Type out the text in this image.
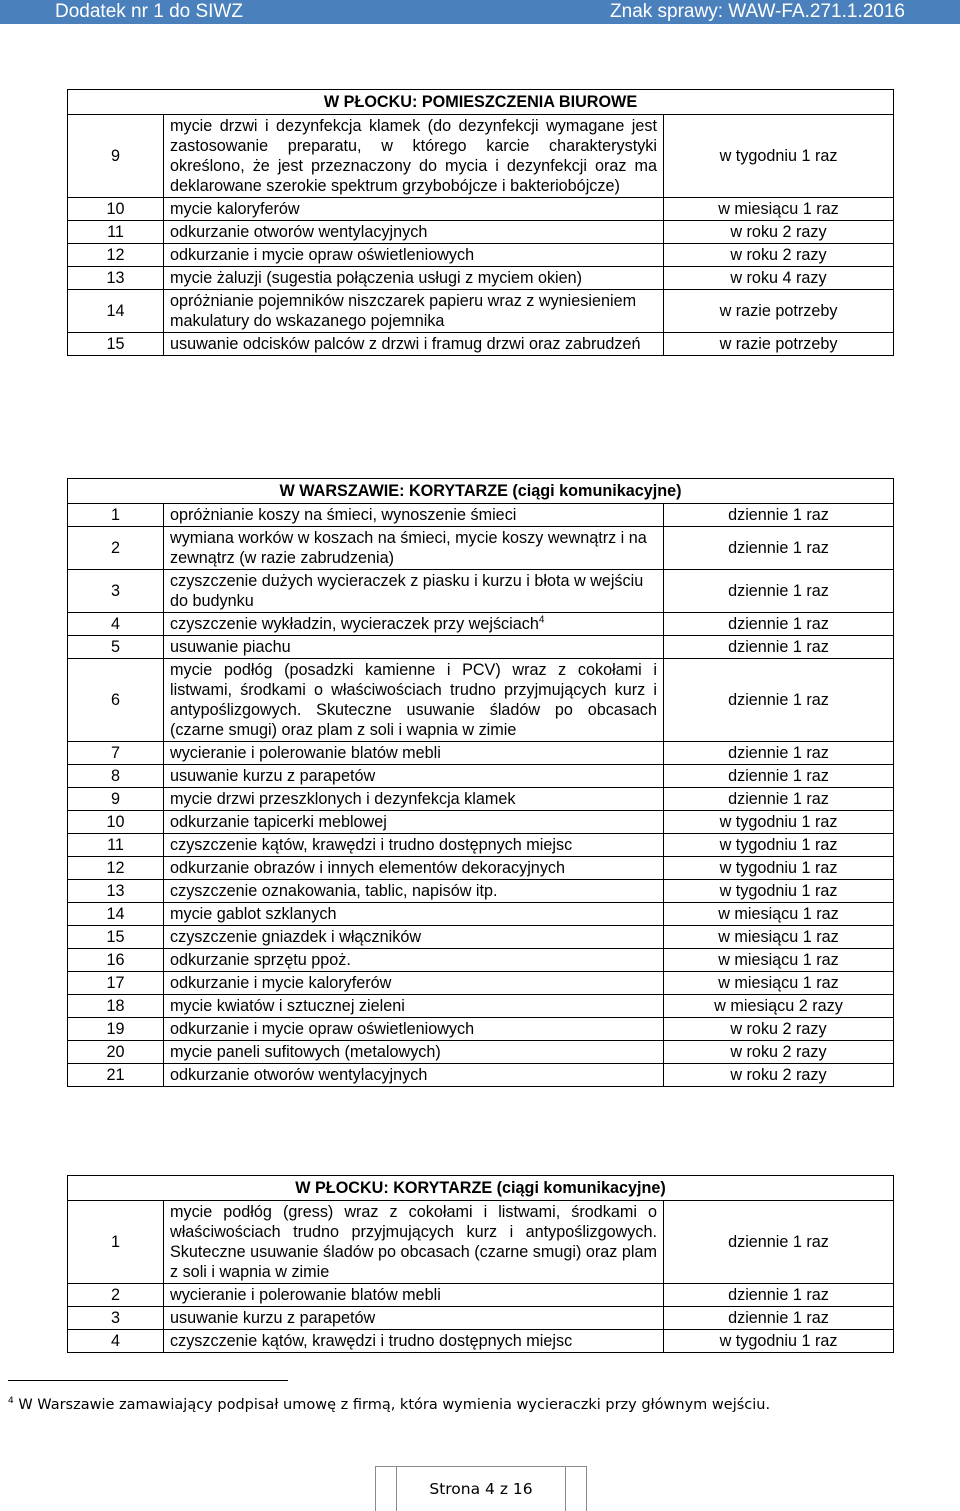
Dodatek nr 1 do SIWZ	Znak sprawy: WAW-FA.271.1.2016
W PŁOCKU: POMIESZCZENIA BIUROWE		
9	mycie drzwi i dezynfekcja klamek (do dezynfekcji wymagane jest zastosowanie preparatu, w którego karcie charakterystyki określono, że jest przeznaczony do mycia i dezynfekcji oraz ma deklarowane szerokie spektrum grzybobójcze i bakteriobójcze)	w tygodniu 1 raz
10	mycie kaloryferów	w miesiącu 1 raz
11	odkurzanie otworów wentylacyjnych	w roku 2 razy
12	odkurzanie i mycie opraw oświetleniowych	w roku 2 razy
13	mycie żaluzji (sugestia połączenia usługi z myciem okien)	w roku 4 razy
14	opróżnianie pojemników niszczarek papieru wraz z wyniesieniem makulatury do wskazanego pojemnika	w razie potrzeby
15	usuwanie odcisków palców z drzwi i framug drzwi oraz zabrudzeń	w razie potrzeby
W WARSZAWIE: KORYTARZE (ciągi komunikacyjne)		
1	opróżnianie koszy na śmieci, wynoszenie śmieci	dziennie 1 raz
2	wymiana worków w koszach na śmieci, mycie koszy wewnątrz i na zewnątrz (w razie zabrudzenia)	dziennie 1 raz
3	czyszczenie dużych wycieraczek z piasku i kurzu i błota w wejściu do budynku	dziennie 1 raz
4	czyszczenie wykładzin, wycieraczek przy wejściach$^4$	dziennie 1 raz
5	usuwanie piachu	dziennie 1 raz
6	mycie podłóg (posadzki kamienne i PCV) wraz z cokołami i listwami, środkami o właściwościach trudno przyjmujących kurz i antypoślizgowych. Skuteczne usuwanie śladów po obcasach (czarne smugi) oraz plam z soli i wapnia w zimie	dziennie 1 raz
7	wycieranie i polerowanie blatów mebli	dziennie 1 raz
8	usuwanie kurzu z parapetów	dziennie 1 raz
9	mycie drzwi przeszklonych i dezynfekcja klamek	dziennie 1 raz
10	odkurzanie tapicerki meblowej	w tygodniu 1 raz
11	czyszczenie kątów, krawędzi i trudno dostępnych miejsc	w tygodniu 1 raz
12	odkurzanie obrazów i innych elementów dekoracyjnych	w tygodniu 1 raz
13	czyszczenie oznakowania, tablic, napisów itp.	w tygodniu 1 raz
14	mycie gablot szklanych	w miesiącu 1 raz
15	czyszczenie gniazdek i włączników	w miesiącu 1 raz
16	odkurzanie sprzętu ppoż.	w miesiącu 1 raz
17	odkurzanie i mycie kaloryferów	w miesiącu 1 raz
18	mycie kwiatów i sztucznej zieleni	w miesiącu 2 razy
19	odkurzanie i mycie opraw oświetleniowych	w roku 2 razy
20	mycie paneli sufitowych (metalowych)	w roku 2 razy
21	odkurzanie otworów wentylacyjnych	w roku 2 razy
W PŁOCKU: KORYTARZE (ciągi komunikacyjne)		
1	mycie podłóg (gress) wraz z cokołami i listwami, środkami o właściwościach trudno przyjmujących kurz i antypoślizgowych. Skuteczne usuwanie śladów po obcasach (czarne smugi) oraz plam z soli i wapnia w zimie	dziennie 1 raz
2	wycieranie i polerowanie blatów mebli	dziennie 1 raz
3	usuwanie kurzu z parapetów	dziennie 1 raz
4	czyszczenie kątów, krawędzi i trudno dostępnych miejsc	w tygodniu 1 raz
$^4$ W Warszawie zamawiający podpisał umowę z firmą, która wymienia wycieraczki przy głównym wejściu.
Strona 4 z 16
